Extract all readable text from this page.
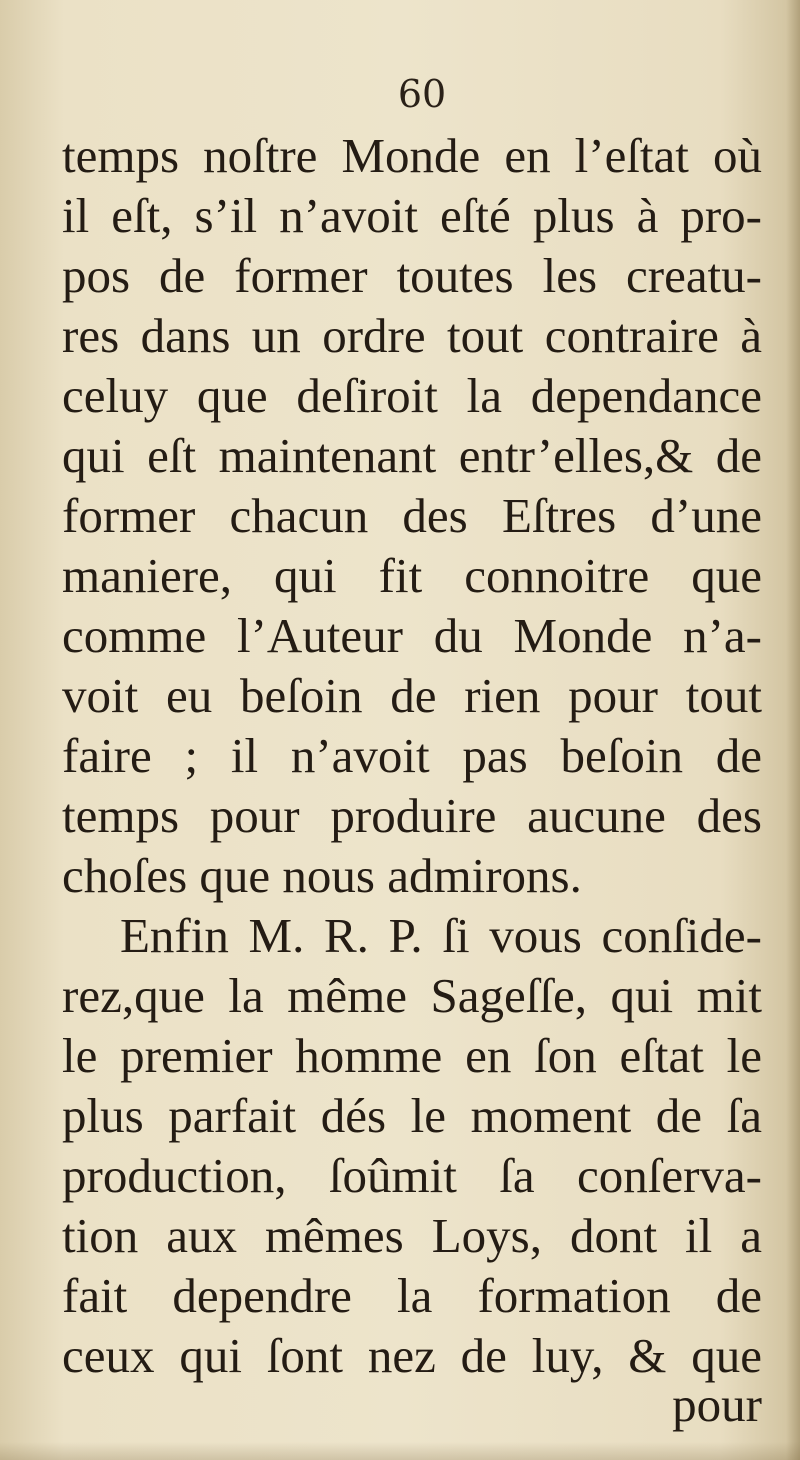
60
temps noſtre Monde en l’eſtat où
il eſt, s’il n’avoit eſté plus à pro-
pos de former toutes les creatu-
res dans un ordre tout contraire à
celuy que deſiroit la dependance
qui eſt maintenant entr’elles,& de
former chacun des Eſtres d’une
maniere, qui fit connoitre que
comme l’Auteur du Monde n’a-
voit eu beſoin de rien pour tout
faire ; il n’avoit pas beſoin de
temps pour produire aucune des
choſes que nous admirons.
Enfin M. R. P. ſi vous conſide-
rez,que la même Sageſſe, qui mit
le premier homme en ſon eſtat le
plus parfait dés le moment de ſa
production, ſoûmit ſa conſerva-
tion aux mêmes Loys, dont il a
fait dependre la formation de
ceux qui ſont nez de luy, & que
pour
